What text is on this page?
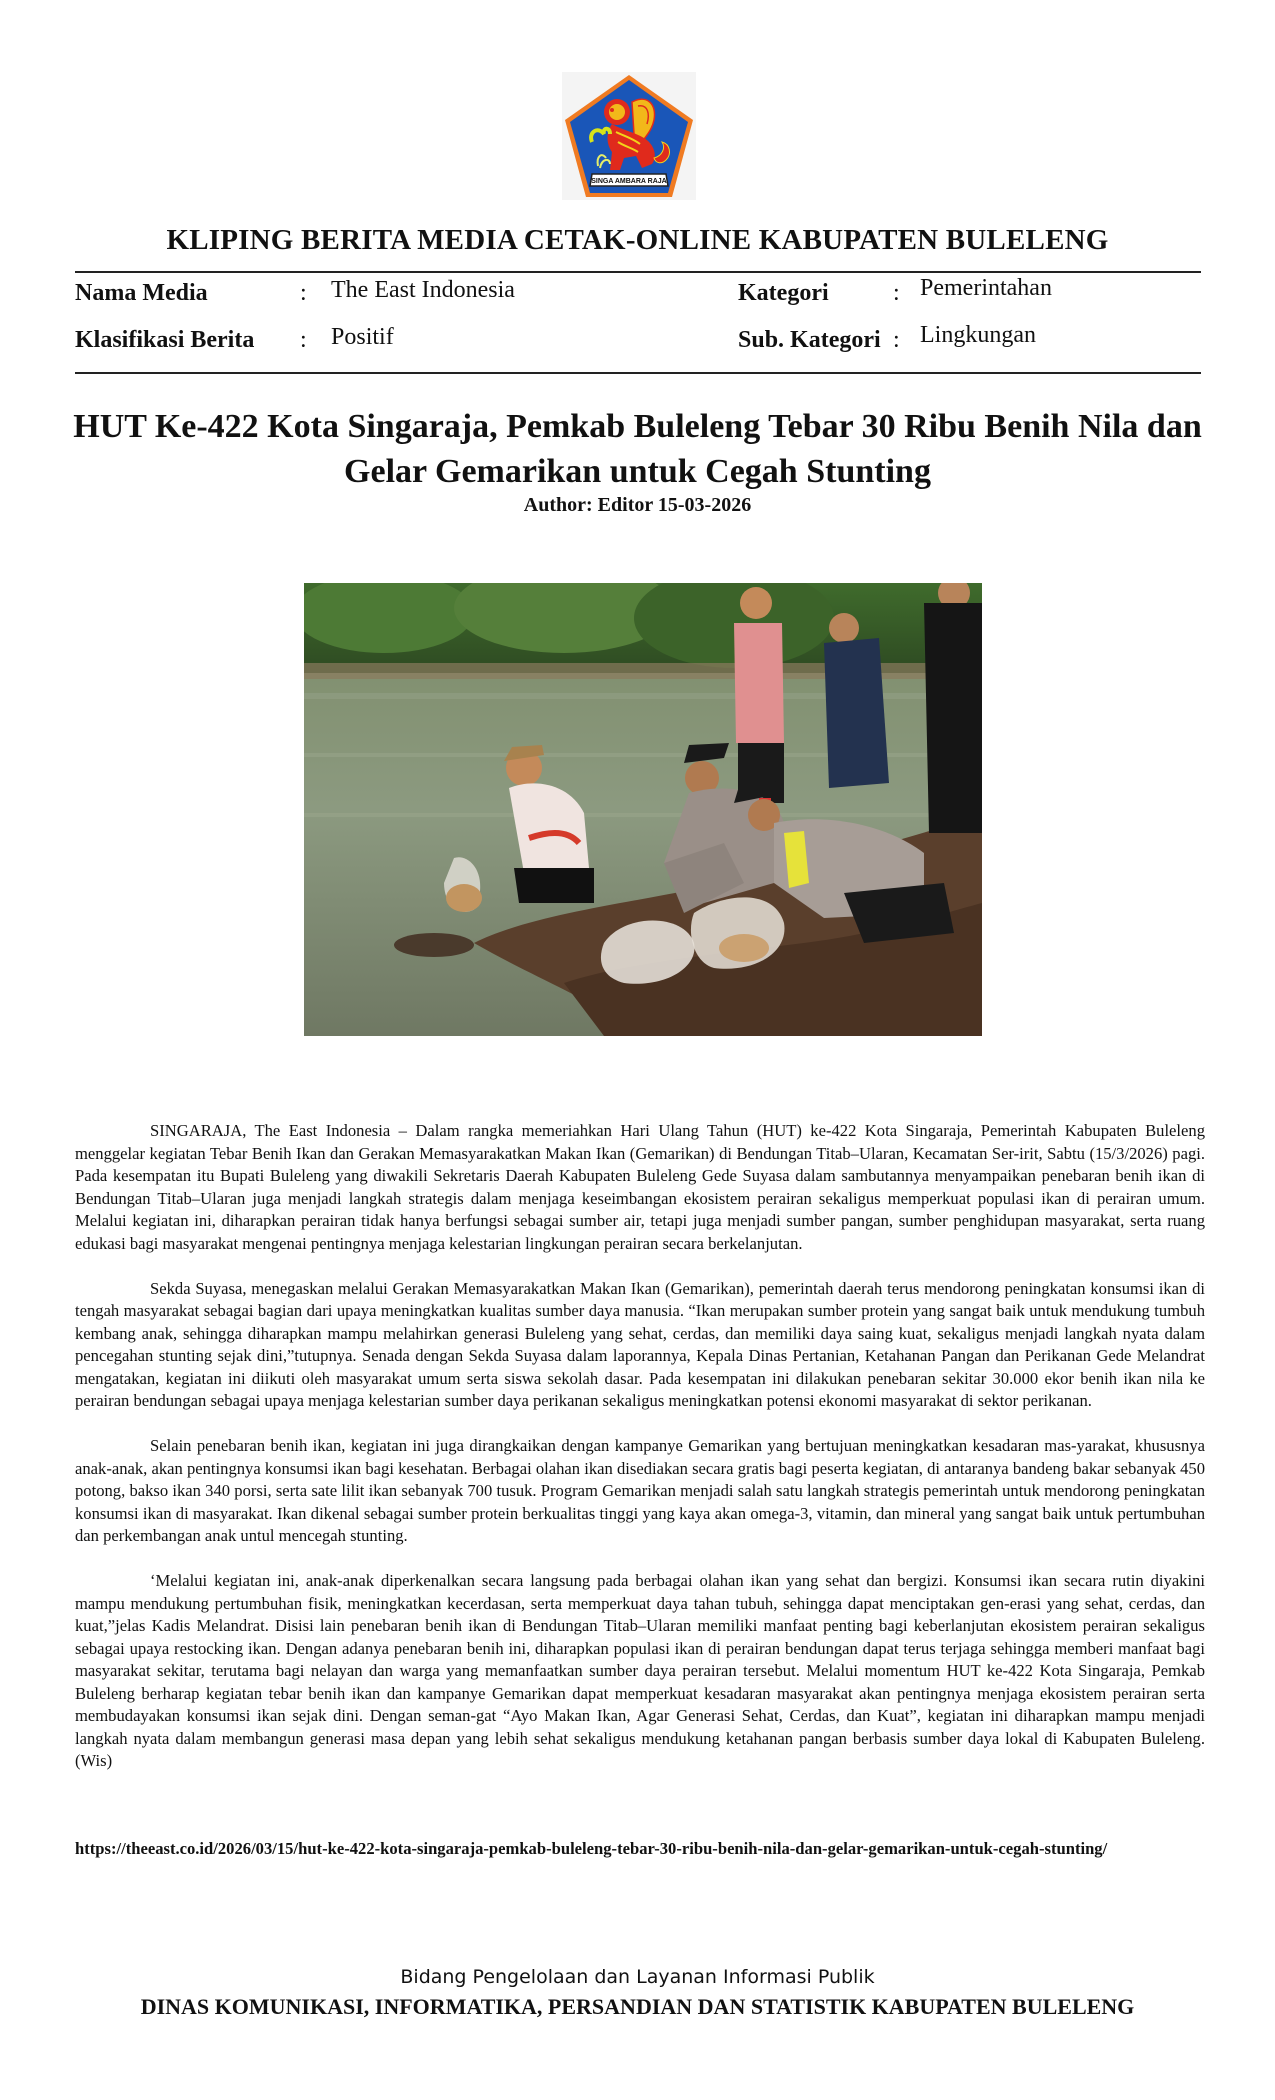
SINGA AMBARA RAJA
KLIPING BERITA MEDIA CETAK-ONLINE KABUPATEN BULELENG
Nama Media	: The East Indonesia
Klasifikasi Berita : Positif
Kategori	: Pemerintahan
Sub. Kategori : Lingkungan
HUT Ke-422 Kota Singaraja, Pemkab Buleleng Tebar 30 Ribu Benih Nila dan Gelar Gemarikan untuk Cegah Stunting
Author: Editor 15-03-2026

SINGARAJA, The East Indonesia – Dalam rangka memeriahkan Hari Ulang Tahun (HUT) ke-422 Kota Singaraja, Pemerintah Kabupaten Buleleng menggelar kegiatan Tebar Benih Ikan dan Gerakan Memasyarakatkan Makan Ikan (Gemarikan) di Bendungan Titab–Ularan, Kecamatan Ser-irit, Sabtu (15/3/2026) pagi. Pada kesempatan itu Bupati Buleleng yang diwakili Sekretaris Daerah Kabupaten Buleleng Gede Suyasa dalam sambutannya menyampaikan penebaran benih ikan di Bendungan Titab–Ularan juga menjadi langkah strategis dalam menjaga keseimbangan ekosistem perairan sekaligus memperkuat populasi ikan di perairan umum. Melalui kegiatan ini, diharapkan perairan tidak hanya berfungsi sebagai sumber air, tetapi juga menjadi sumber pangan, sumber penghidupan masyarakat, serta ruang edukasi bagi masyarakat mengenai pentingnya menjaga kelestarian lingkungan perairan secara berkelanjutan.

Sekda Suyasa, menegaskan melalui Gerakan Memasyarakatkan Makan Ikan (Gemarikan), pemerintah daerah terus mendorong peningkatan konsumsi ikan di tengah masyarakat sebagai bagian dari upaya meningkatkan kualitas sumber daya manusia. “Ikan merupakan sumber protein yang sangat baik untuk mendukung tumbuh kembang anak, sehingga diharapkan mampu melahirkan generasi Buleleng yang sehat, cerdas, dan memiliki daya saing kuat, sekaligus menjadi langkah nyata dalam pencegahan stunting sejak dini,”tutupnya. Senada dengan Sekda Suyasa dalam laporannya, Kepala Dinas Pertanian, Ketahanan Pangan dan Perikanan Gede Melandrat mengatakan, kegiatan ini diikuti oleh masyarakat umum serta siswa sekolah dasar. Pada kesempatan ini dilakukan penebaran sekitar 30.000 ekor benih ikan nila ke perairan bendungan sebagai upaya menjaga kelestarian sumber daya perikanan sekaligus meningkatkan potensi ekonomi masyarakat di sektor perikanan.

Selain penebaran benih ikan, kegiatan ini juga dirangkaikan dengan kampanye Gemarikan yang bertujuan meningkatkan kesadaran mas-yarakat, khususnya anak-anak, akan pentingnya konsumsi ikan bagi kesehatan. Berbagai olahan ikan disediakan secara gratis bagi peserta kegiatan, di antaranya bandeng bakar sebanyak 450 potong, bakso ikan 340 porsi, serta sate lilit ikan sebanyak 700 tusuk. Program Gemarikan menjadi salah satu langkah strategis pemerintah untuk mendorong peningkatan konsumsi ikan di masyarakat. Ikan dikenal sebagai sumber protein berkualitas tinggi yang kaya akan omega-3, vitamin, dan mineral yang sangat baik untuk pertumbuhan dan perkembangan anak untul mencegah stunting.

‘Melalui kegiatan ini, anak-anak diperkenalkan secara langsung pada berbagai olahan ikan yang sehat dan bergizi. Konsumsi ikan secara rutin diyakini mampu mendukung pertumbuhan fisik, meningkatkan kecerdasan, serta memperkuat daya tahan tubuh, sehingga dapat menciptakan gen-erasi yang sehat, cerdas, dan kuat,”jelas Kadis Melandrat. Disisi lain penebaran benih ikan di Bendungan Titab–Ularan memiliki manfaat penting bagi keberlanjutan ekosistem perairan sekaligus sebagai upaya restocking ikan. Dengan adanya penebaran benih ini, diharapkan populasi ikan di perairan bendungan dapat terus terjaga sehingga memberi manfaat bagi masyarakat sekitar, terutama bagi nelayan dan warga yang memanfaatkan sumber daya perairan tersebut. Melalui momentum HUT ke-422 Kota Singaraja, Pemkab Buleleng berharap kegiatan tebar benih ikan dan kampanye Gemarikan dapat memperkuat kesadaran masyarakat akan pentingnya menjaga ekosistem perairan serta membudayakan konsumsi ikan sejak dini. Dengan seman-gat “Ayo Makan Ikan, Agar Generasi Sehat, Cerdas, dan Kuat”, kegiatan ini diharapkan mampu menjadi langkah nyata dalam membangun generasi masa depan yang lebih sehat sekaligus mendukung ketahanan pangan berbasis sumber daya lokal di Kabupaten Buleleng.(Wis)

https://theeast.co.id/2026/03/15/hut-ke-422-kota-singaraja-pemkab-buleleng-tebar-30-ribu-benih-nila-dan-gelar-gemarikan-untuk-cegah-stunting/
Bidang Pengelolaan dan Layanan Informasi Publik
DINAS KOMUNIKASI, INFORMATIKA, PERSANDIAN DAN STATISTIK KABUPATEN BULELENG
